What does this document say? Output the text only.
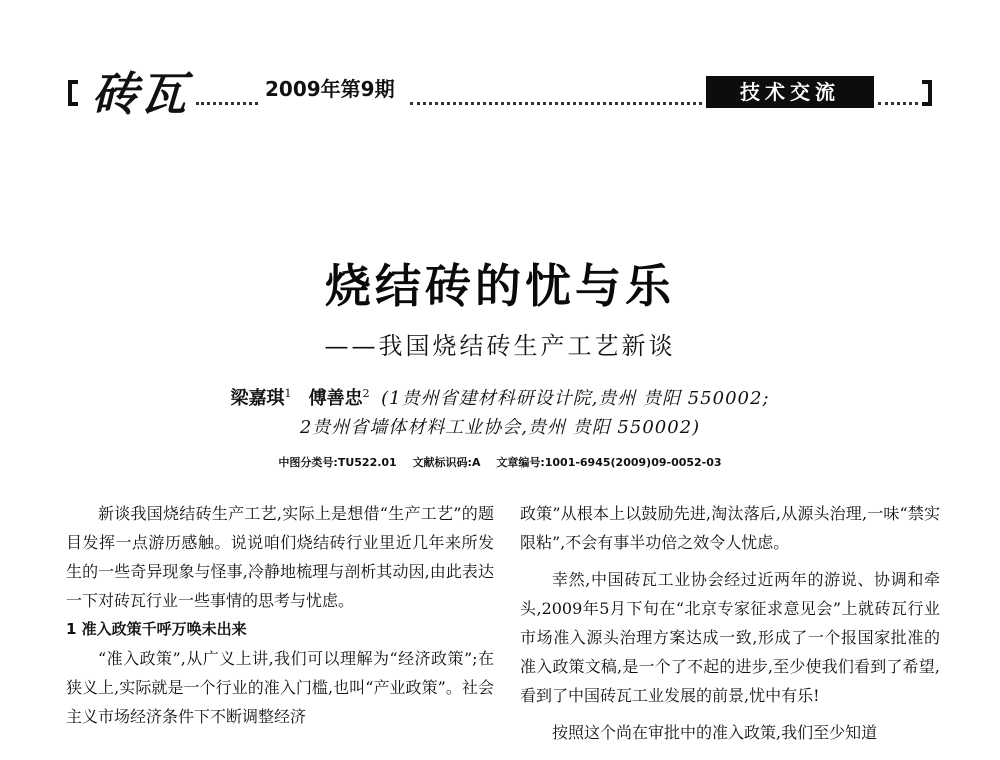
砖瓦	2009年第9期	技术交流
烧结砖的忧与乐
——我国烧结砖生产工艺新谈
梁嘉琪$^1$ 傅善忠$^2$ (1贵州省建材科研设计院,贵州 贵阳 550002;
2贵州省墙体材料工业协会,贵州 贵阳 550002)
中图分类号:TU522.01 文献标识码:A 文章编号:1001-6945(2009)09-0052-03

新谈我国烧结砖生产工艺,实际上是想借“生产工艺”的题目发挥一点游历感触。说说咱们烧结砖行业里近几年来所发生的一些奇异现象与怪事,冷静地梳理与剖析其动因,由此表达一下对砖瓦行业一些事情的思考与忧虑。

1 准入政策千呼万唤未出来

“准入政策”,从广义上讲,我们可以理解为“经济政策”;在狭义上,实际就是一个行业的准入门槛,也叫“产业政策”。社会主义市场经济条件下不断调整经济

政策”从根本上以鼓励先进,淘汰落后,从源头治理,一味“禁实限粘”,不会有事半功倍之效令人忧虑。

幸然,中国砖瓦工业协会经过近两年的游说、协调和牵头,2009年5月下旬在“北京专家征求意见会”上就砖瓦行业市场准入源头治理方案达成一致,形成了一个报国家批准的准入政策文稿,是一个了不起的进步,至少使我们看到了希望,看到了中国砖瓦工业发展的前景,忧中有乐!

按照这个尚在审批中的准入政策,我们至少知道
